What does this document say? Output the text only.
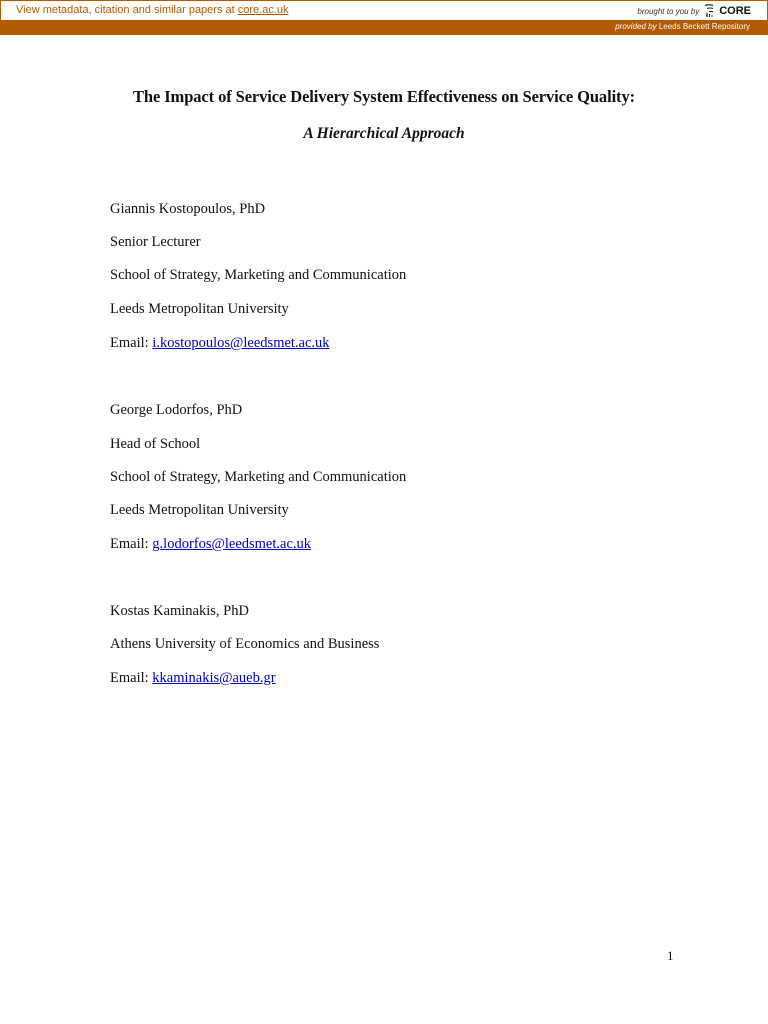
View metadata, citation and similar papers at core.ac.uk	brought to you by CORE
provided by Leeds Beckett Repository
The Impact of Service Delivery System Effectiveness on Service Quality:
A Hierarchical Approach
Giannis Kostopoulos, PhD
Senior Lecturer
School of Strategy, Marketing and Communication
Leeds Metropolitan University
Email: i.kostopoulos@leedsmet.ac.uk
George Lodorfos, PhD
Head of School
School of Strategy, Marketing and Communication
Leeds Metropolitan University
Email: g.lodorfos@leedsmet.ac.uk
Kostas Kaminakis, PhD
Athens University of Economics and Business
Email: kkaminakis@aueb.gr
1
